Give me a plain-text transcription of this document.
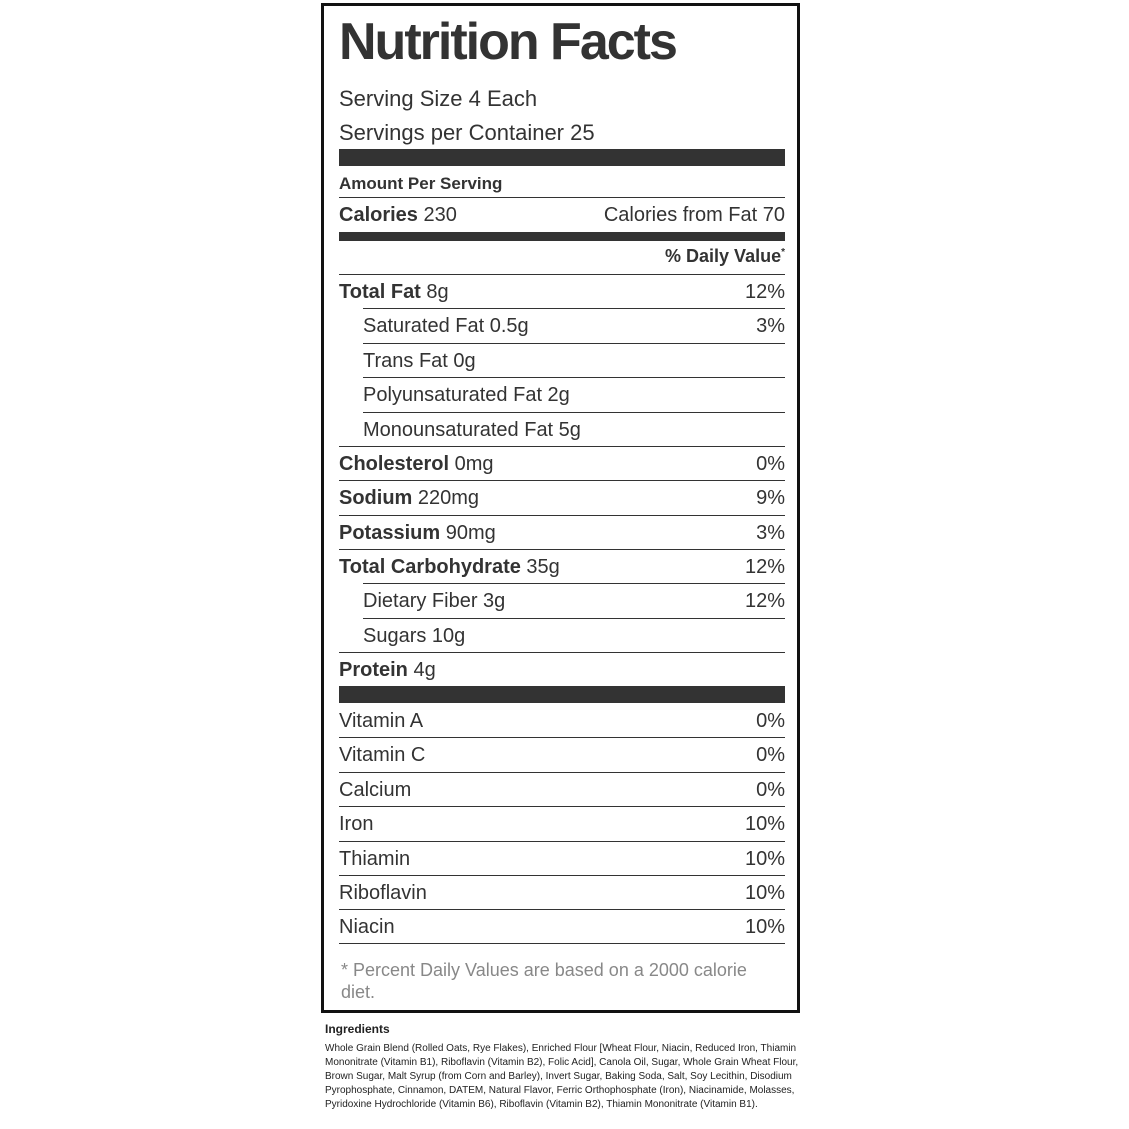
Nutrition Facts
Serving Size 4 Each
Servings per Container 25
Amount Per Serving
Calories 230	Calories from Fat 70
% Daily Value*
Total Fat 8g	12%
Saturated Fat 0.5g	3%
Trans Fat 0g
Polyunsaturated Fat 2g
Monounsaturated Fat 5g
Cholesterol 0mg	0%
Sodium 220mg	9%
Potassium 90mg	3%
Total Carbohydrate 35g	12%
Dietary Fiber 3g	12%
Sugars 10g
Protein 4g
Vitamin A	0%
Vitamin C	0%
Calcium	0%
Iron	10%
Thiamin	10%
Riboflavin	10%
Niacin	10%
* Percent Daily Values are based on a 2000 calorie diet.
Ingredients
Whole Grain Blend (Rolled Oats, Rye Flakes), Enriched Flour [Wheat Flour, Niacin, Reduced Iron, Thiamin Mononitrate (Vitamin B1), Riboflavin (Vitamin B2), Folic Acid], Canola Oil, Sugar, Whole Grain Wheat Flour, Brown Sugar, Malt Syrup (from Corn and Barley), Invert Sugar, Baking Soda, Salt, Soy Lecithin, Disodium Pyrophosphate, Cinnamon, DATEM, Natural Flavor, Ferric Orthophosphate (Iron), Niacinamide, Molasses, Pyridoxine Hydrochloride (Vitamin B6), Riboflavin (Vitamin B2), Thiamin Mononitrate (Vitamin B1).
